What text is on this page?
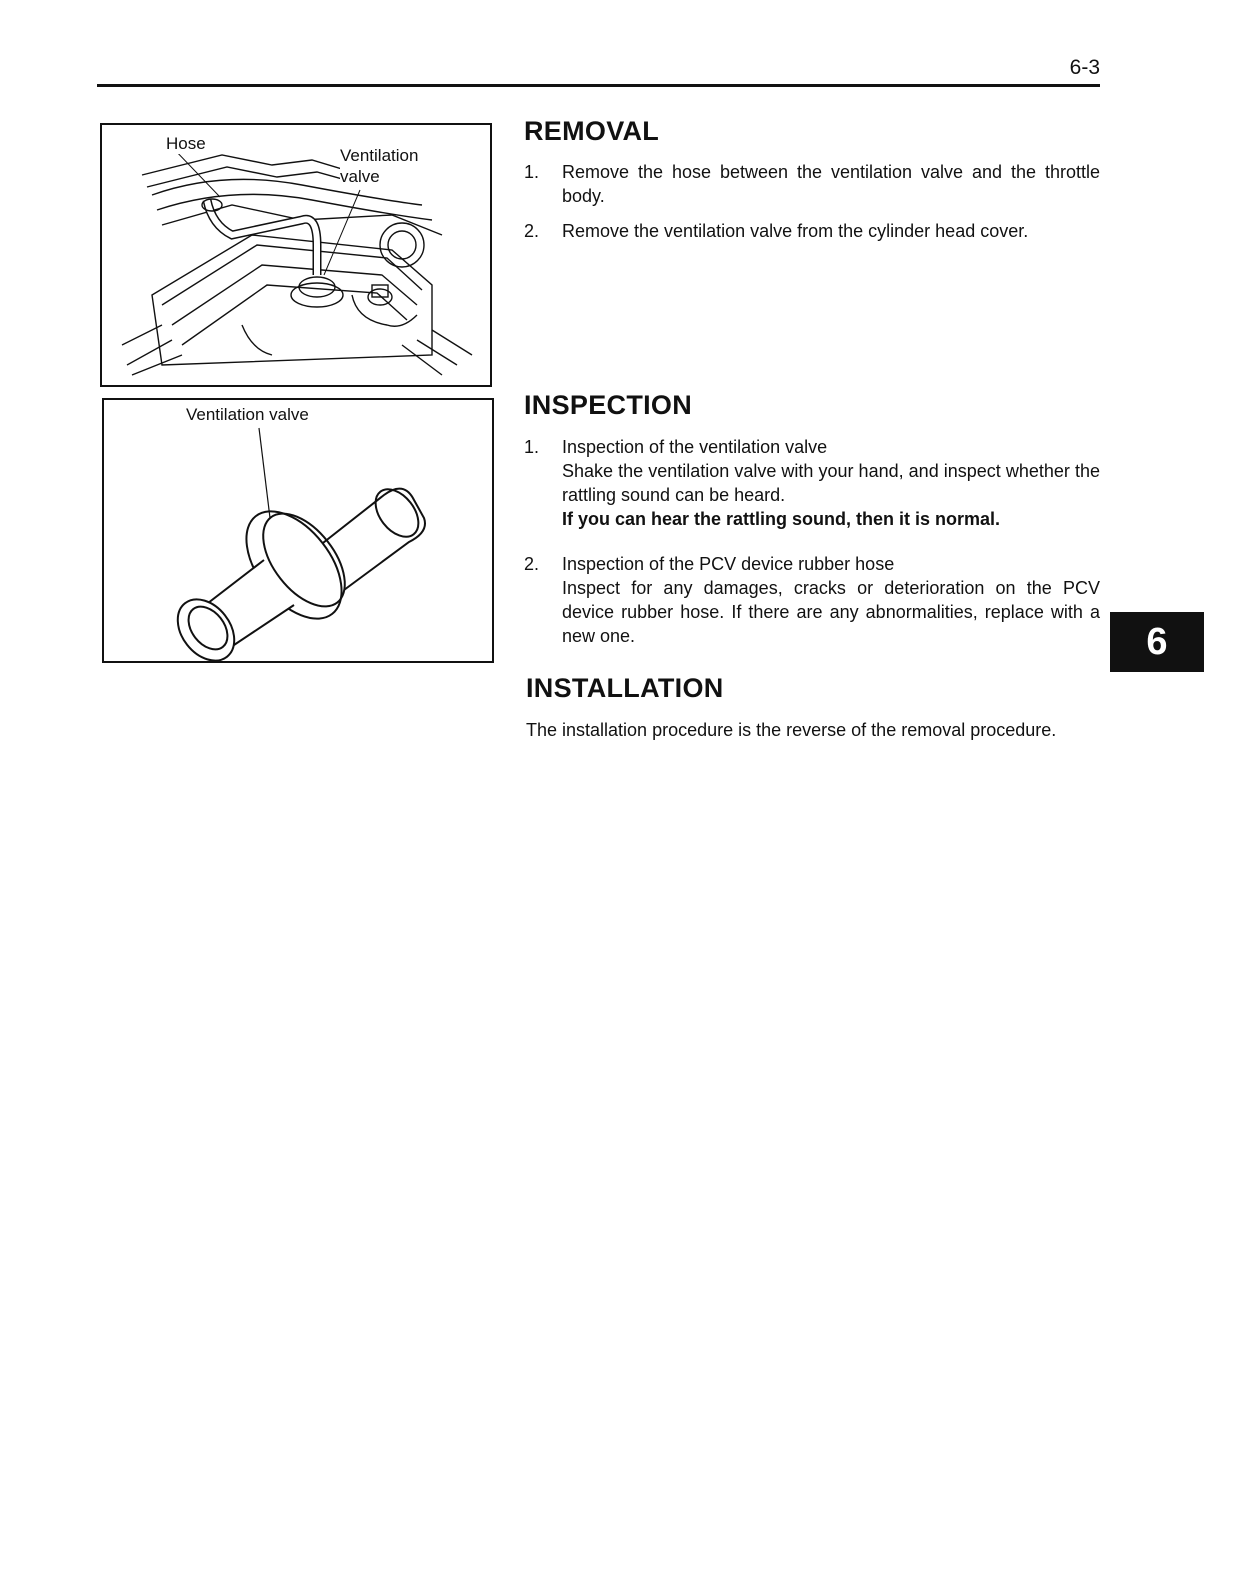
6-3
Hose
Ventilation
valve
Ventilation valve
REMOVAL
1. Remove the hose between the ventilation valve and the throttle body.
2. Remove the ventilation valve from the cylinder head cover.
INSPECTION
1. Inspection of the ventilation valve
Shake the ventilation valve with your hand, and inspect whether the rattling sound can be heard.
If you can hear the rattling sound, then it is normal.
2. Inspection of the PCV device rubber hose
Inspect for any damages, cracks or deterioration on the PCV device rubber hose. If there are any abnormalities, replace with a new one.
INSTALLATION
The installation procedure is the reverse of the removal procedure.
6
